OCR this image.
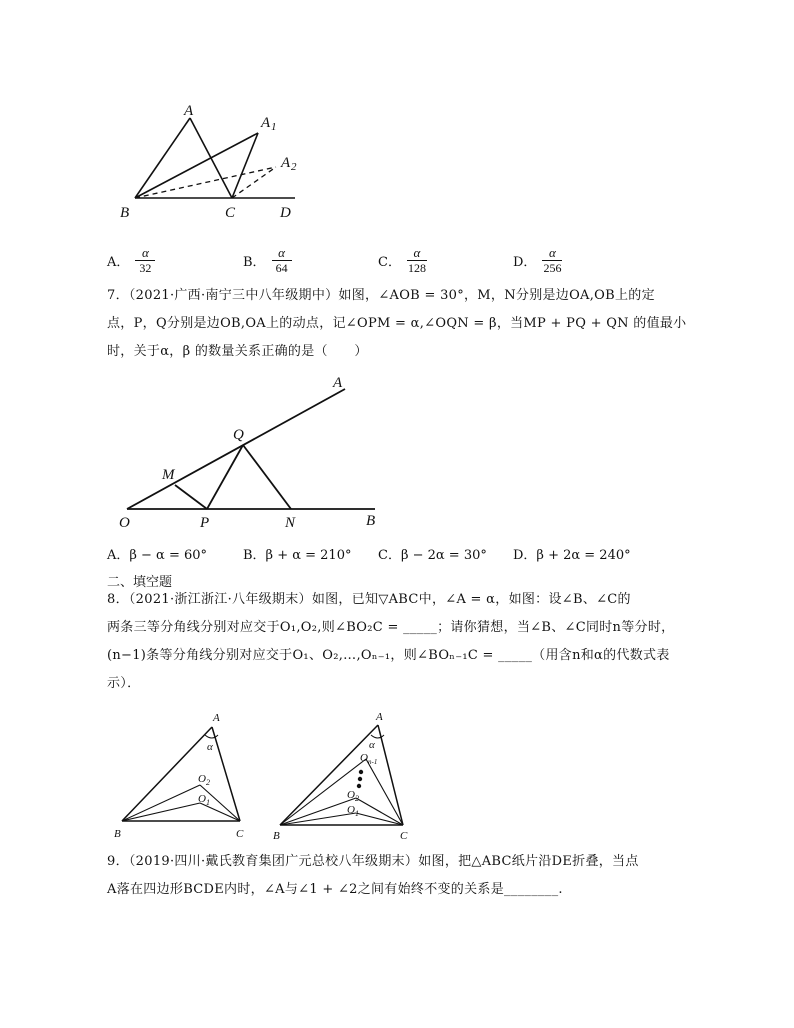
A
A 1
A 2
B	C	D
A． $\frac{\alpha}{32}$	B． $\frac{\alpha}{64}$	C． $\frac{\alpha}{128}$	D． $\frac{\alpha}{256}$
7．（2021·广西·南宁三中八年级期中）如图，∠AOB = 30°，M，N分别是边OA,OB上的定
点，P，Q分别是边OB,OA上的动点，记∠OPM = α,∠OQN = β，当MP + PQ + QN 的值最小
时，关于α，β 的数量关系正确的是（　　）
A
Q
M
O	P	N	B
A．β − α = 60°	B．β + α = 210° C．β − 2α = 30° D．β + 2α = 240°
二、填空题
8．（2021·浙江浙江·八年级期末）如图，已知▽ABC中，∠A = α，如图：设∠B、∠C的
两条三等分角线分别对应交于O₁,O₂,则∠BO₂C = _____；请你猜想，当∠B、∠C同时n等分时，
(n−1)条等分角线分别对应交于O₁、O₂,…,Oₙ₋₁，则∠BOₙ₋₁C = _____（用含n和α的代数式表
示）．
A
α
O 2
O 1
B	C
A
α
O n-1
O 2
O 1
B	C
9．（2019·四川·戴氏教育集团广元总校八年级期末）如图，把△ABC纸片沿DE折叠，当点
A落在四边形BCDE内时，∠A与∠1 + ∠2之间有始终不变的关系是________.
